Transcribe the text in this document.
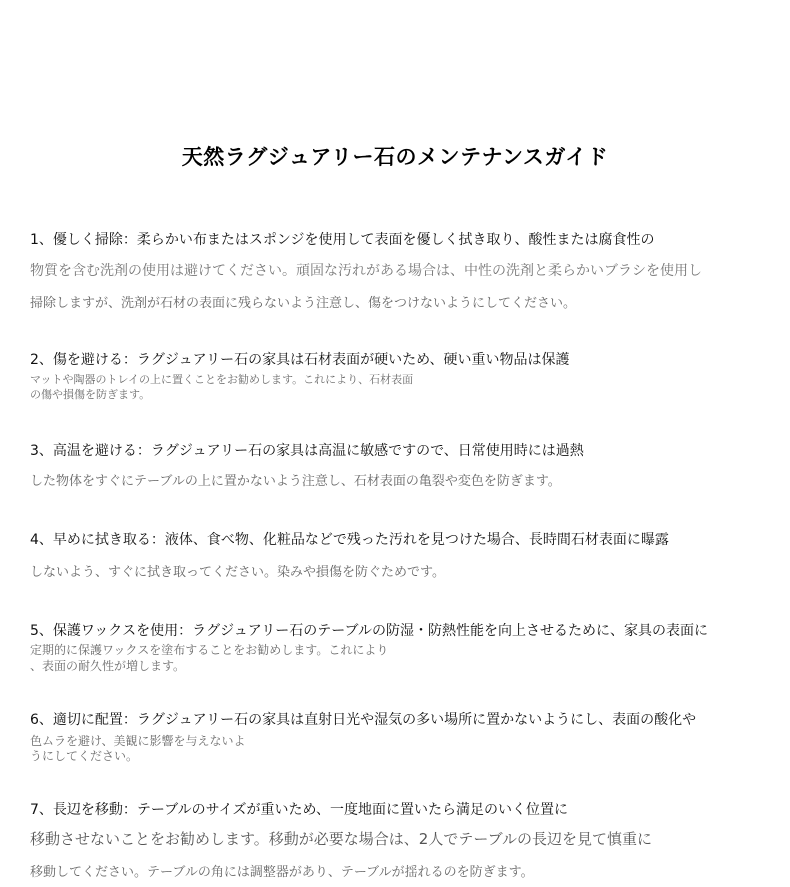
天然ラグジュアリー石のメンテナンスガイド
1、優しく掃除：柔らかい布またはスポンジを使用して表面を優しく拭き取り、酸性または腐食性の
物質を含む洗剤の使用は避けてください。頑固な汚れがある場合は、中性の洗剤と柔らかいブラシを使用し
掃除しますが、洗剤が石材の表面に残らないよう注意し、傷をつけないようにしてください。
2、傷を避ける：ラグジュアリー石の家具は石材表面が硬いため、硬い重い物品は保護
マットや陶器のトレイの上に置くことをお勧めします。これにより、石材表面
の傷や損傷を防ぎます。
3、高温を避ける：ラグジュアリー石の家具は高温に敏感ですので、日常使用時には過熱
した物体をすぐにテーブルの上に置かないよう注意し、石材表面の亀裂や変色を防ぎます。
4、早めに拭き取る：液体、食べ物、化粧品などで残った汚れを見つけた場合、長時間石材表面に曝露
しないよう、すぐに拭き取ってください。染みや損傷を防ぐためです。
5、保護ワックスを使用：ラグジュアリー石のテーブルの防湿・防熱性能を向上させるために、家具の表面に
定期的に保護ワックスを塗布することをお勧めします。これにより
、表面の耐久性が増します。
6、適切に配置：ラグジュアリー石の家具は直射日光や湿気の多い場所に置かないようにし、表面の酸化や
色ムラを避け、美観に影響を与えないよ
うにしてください。
7、長辺を移動：テーブルのサイズが重いため、一度地面に置いたら満足のいく位置に
移動させないことをお勧めします。移動が必要な場合は、2人でテーブルの長辺を見て慎重に
移動してください。テーブルの角には調整器があり、テーブルが揺れるのを防ぎます。
